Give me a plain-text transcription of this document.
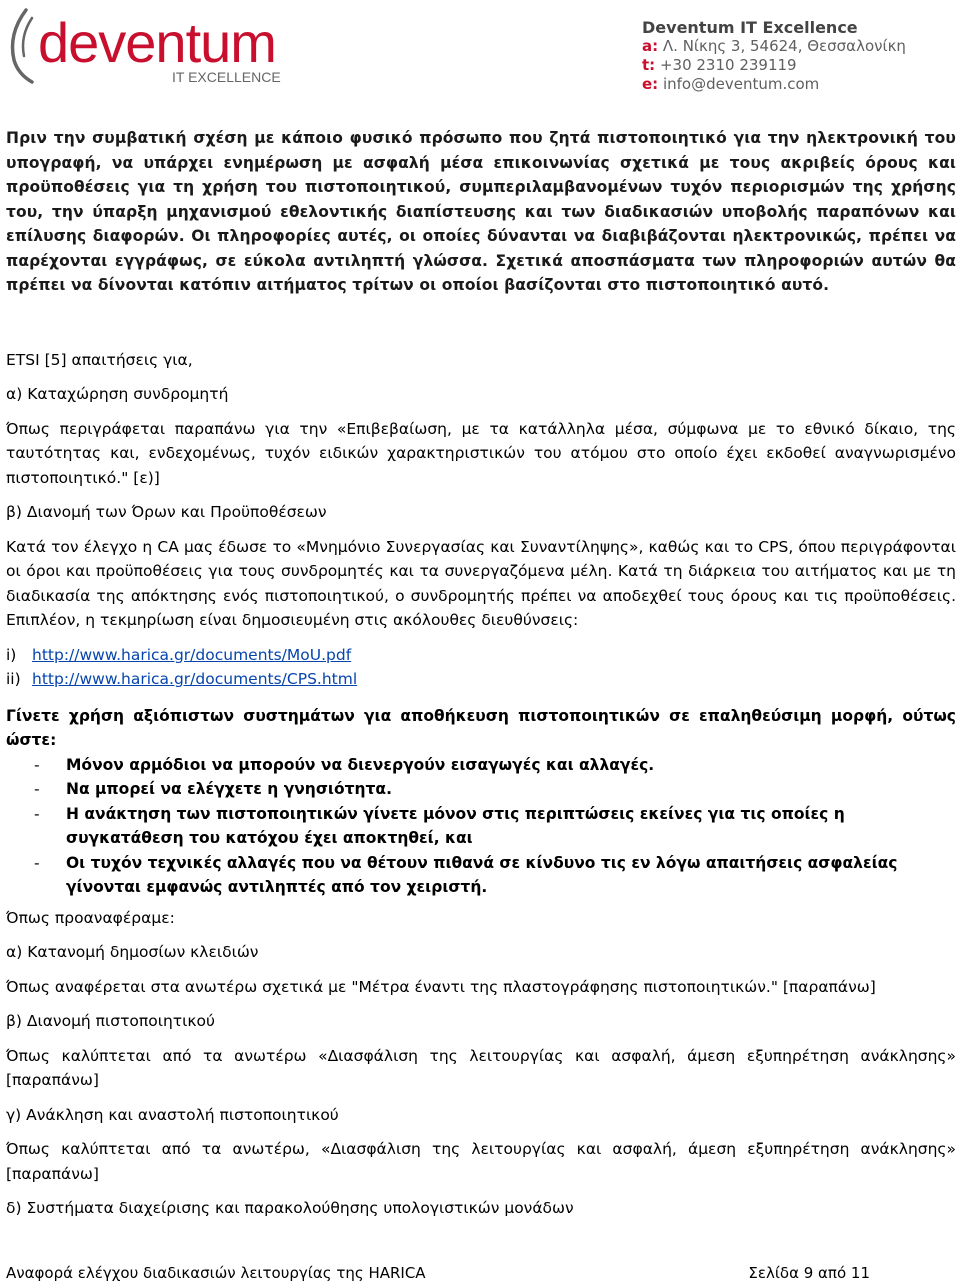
deventum
IT EXCELLENCE
Deventum IT Excellence
a: Λ. Νίκης 3, 54624, Θεσσαλονίκη
t: +30 2310 239119
e: info@deventum.com

Πριν την συμβατική σχέση με κάποιο φυσικό πρόσωπο που ζητά πιστοποιητικό για την ηλεκτρονική του υπογραφή, να υπάρχει ενημέρωση με ασφαλή μέσα επικοινωνίας σχετικά με τους ακριβείς όρους και προϋποθέσεις για τη χρήση του πιστοποιητικού, συμπεριλαμβανομένων τυχόν περιορισμών της χρήσης του, την ύπαρξη μηχανισμού εθελοντικής διαπίστευσης και των διαδικασιών υποβολής παραπόνων και επίλυσης διαφορών. Οι πληροφορίες αυτές, οι οποίες δύνανται να διαβιβάζονται ηλεκτρονικώς, πρέπει να παρέχονται εγγράφως, σε εύκολα αντιληπτή γλώσσα. Σχετικά αποσπάσματα των πληροφοριών αυτών θα πρέπει να δίνονται κατόπιν αιτήματος τρίτων οι οποίοι βασίζονται στο πιστοποιητικό αυτό.

ETSI [5] απαιτήσεις για,

α) Καταχώρηση συνδρομητή

Όπως περιγράφεται παραπάνω για την «Επιβεβαίωση, με τα κατάλληλα μέσα, σύμφωνα με το εθνικό δίκαιο, της ταυτότητας και, ενδεχομένως, τυχόν ειδικών χαρακτηριστικών του ατόμου στο οποίο έχει εκδοθεί αναγνωρισμένο πιστοποιητικό." [ε)]

β) Διανομή των Όρων και Προϋποθέσεων

Κατά τον έλεγχο η CA μας έδωσε το «Μνημόνιο Συνεργασίας και Συναντίληψης», καθώς και το CPS, όπου περιγράφονται οι όροι και προϋποθέσεις για τους συνδρομητές και τα συνεργαζόμενα μέλη. Κατά τη διάρκεια του αιτήματος και με τη διαδικασία της απόκτησης ενός πιστοποιητικού, ο συνδρομητής πρέπει να αποδεχθεί τους όρους και τις προϋποθέσεις. Επιπλέον, η τεκμηρίωση είναι δημοσιευμένη στις ακόλουθες διευθύνσεις:

i)	http://www.harica.gr/documents/MoU.pdf
ii) http://www.harica.gr/documents/CPS.html

Γίνετε χρήση αξιόπιστων συστημάτων για αποθήκευση πιστοποιητικών σε επαληθεύσιμη μορφή, ούτως ώστε:

- Μόνον αρμόδιοι να μπορούν να διενεργούν εισαγωγές και αλλαγές.
- Να μπορεί να ελέγχετε η γνησιότητα.
- Η ανάκτηση των πιστοποιητικών γίνετε μόνον στις περιπτώσεις εκείνες για τις οποίες η συγκατάθεση του κατόχου έχει αποκτηθεί, και
- Οι τυχόν τεχνικές αλλαγές που να θέτουν πιθανά σε κίνδυνο τις εν λόγω απαιτήσεις ασφαλείας γίνονται εμφανώς αντιληπτές από τον χειριστή.

Όπως προαναφέραμε:

α) Κατανομή δημοσίων κλειδιών

Όπως αναφέρεται στα ανωτέρω σχετικά με "Μέτρα έναντι της πλαστογράφησης πιστοποιητικών." [παραπάνω]

β) Διανομή πιστοποιητικού

Όπως καλύπτεται από τα ανωτέρω «Διασφάλιση της λειτουργίας και ασφαλή, άμεση εξυπηρέτηση ανάκλησης» [παραπάνω]

γ) Ανάκληση και αναστολή πιστοποιητικού

Όπως καλύπτεται από τα ανωτέρω, «Διασφάλιση της λειτουργίας και ασφαλή, άμεση εξυπηρέτηση ανάκλησης» [παραπάνω]

δ) Συστήματα διαχείρισης και παρακολούθησης υπολογιστικών μονάδων

Αναφορά ελέγχου διαδικασιών λειτουργίας της HARICA	Σελίδα 9 από 11
